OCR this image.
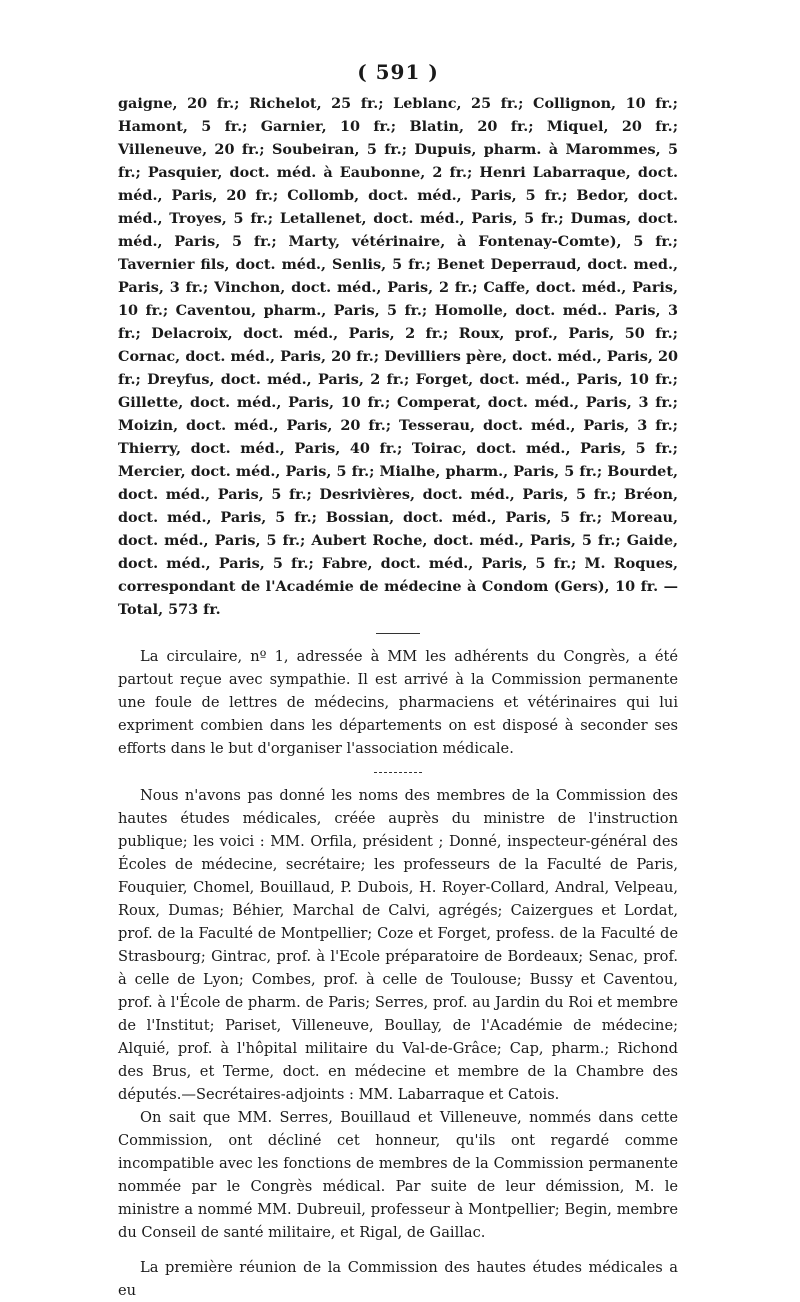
( 591 )

gaigne, 20 fr.; Richelot, 25 fr.; Leblanc, 25 fr.; Collignon, 10 fr.; Hamont, 5 fr.; Garnier, 10 fr.; Blatin, 20 fr.; Miquel, 20 fr.; Villeneuve, 20 fr.; Soubeiran, 5 fr.; Dupuis, pharm. à Marommes, 5 fr.; Pasquier, doct. méd. à Eaubonne, 2 fr.; Henri Labarraque, doct. méd., Paris, 20 fr.; Collomb, doct. méd., Paris, 5 fr.; Bedor, doct. méd., Troyes, 5 fr.; Letallenet, doct. méd., Paris, 5 fr.; Dumas, doct. méd., Paris, 5 fr.; Marty, vétérinaire, à Fontenay-Comte), 5 fr.; Tavernier fils, doct. méd., Senlis, 5 fr.; Benet Deperraud, doct. med., Paris, 3 fr.; Vinchon, doct. méd., Paris, 2 fr.; Caffe, doct. méd., Paris, 10 fr.; Caventou, pharm., Paris, 5 fr.; Homolle, doct. méd.. Paris, 3 fr.; Delacroix, doct. méd., Paris, 2 fr.; Roux, prof., Paris, 50 fr.; Cornac, doct. méd., Paris, 20 fr.; Devilliers père, doct. méd., Paris, 20 fr.; Dreyfus, doct. méd., Paris, 2 fr.; Forget, doct. méd., Paris, 10 fr.; Gillette, doct. méd., Paris, 10 fr.; Comperat, doct. méd., Paris, 3 fr.; Moizin, doct. méd., Paris, 20 fr.; Tesserau, doct. méd., Paris, 3 fr.; Thierry, doct. méd., Paris, 40 fr.; Toirac, doct. méd., Paris, 5 fr.; Mercier, doct. méd., Paris, 5 fr.; Mialhe, pharm., Paris, 5 fr.; Bourdet, doct. méd., Paris, 5 fr.; Desrivières, doct. méd., Paris, 5 fr.; Bréon, doct. méd., Paris, 5 fr.; Bossian, doct. méd., Paris, 5 fr.; Moreau, doct. méd., Paris, 5 fr.; Aubert Roche, doct. méd., Paris, 5 fr.; Gaide, doct. méd., Paris, 5 fr.; Fabre, doct. méd., Paris, 5 fr.; M. Roques, correspondant de l'Académie de médecine à Condom (Gers), 10 fr. — Total, 573 fr.

La circulaire, nº 1, adressée à MM les adhérents du Congrès, a été partout reçue avec sympathie. Il est arrivé à la Commission permanente une foule de lettres de médecins, pharmaciens et vétérinaires qui lui expriment combien dans les départements on est disposé à seconder ses efforts dans le but d'organiser l'association médicale.

Nous n'avons pas donné les noms des membres de la Commission des hautes études médicales, créée auprès du ministre de l'instruction publique; les voici : MM. Orfila, président ; Donné, inspecteur-général des Écoles de médecine, secrétaire; les professeurs de la Faculté de Paris, Fouquier, Chomel, Bouillaud, P. Dubois, H. Royer-Collard, Andral, Velpeau, Roux, Dumas; Béhier, Marchal de Calvi, agrégés; Caizergues et Lordat, prof. de la Faculté de Montpellier; Coze et Forget, profess. de la Faculté de Strasbourg; Gintrac, prof. à l'Ecole préparatoire de Bordeaux; Senac, prof. à celle de Lyon; Combes, prof. à celle de Toulouse; Bussy et Caventou, prof. à l'École de pharm. de Paris; Serres, prof. au Jardin du Roi et membre de l'Institut; Pariset, Villeneuve, Boullay, de l'Académie de médecine; Alquié, prof. à l'hôpital militaire du Val-de-Grâce; Cap, pharm.; Richond des Brus, et Terme, doct. en médecine et membre de la Chambre des députés.—Secrétaires-adjoints : MM. Labarraque et Catois.

On sait que MM. Serres, Bouillaud et Villeneuve, nommés dans cette Commission, ont décliné cet honneur, qu'ils ont regardé comme incompatible avec les fonctions de membres de la Commission permanente nommée par le Congrès médical. Par suite de leur démission, M. le ministre a nommé MM. Dubreuil, professeur à Montpellier; Begin, membre du Conseil de santé militaire, et Rigal, de Gaillac.

La première réunion de la Commission des hautes études médicales a eu
